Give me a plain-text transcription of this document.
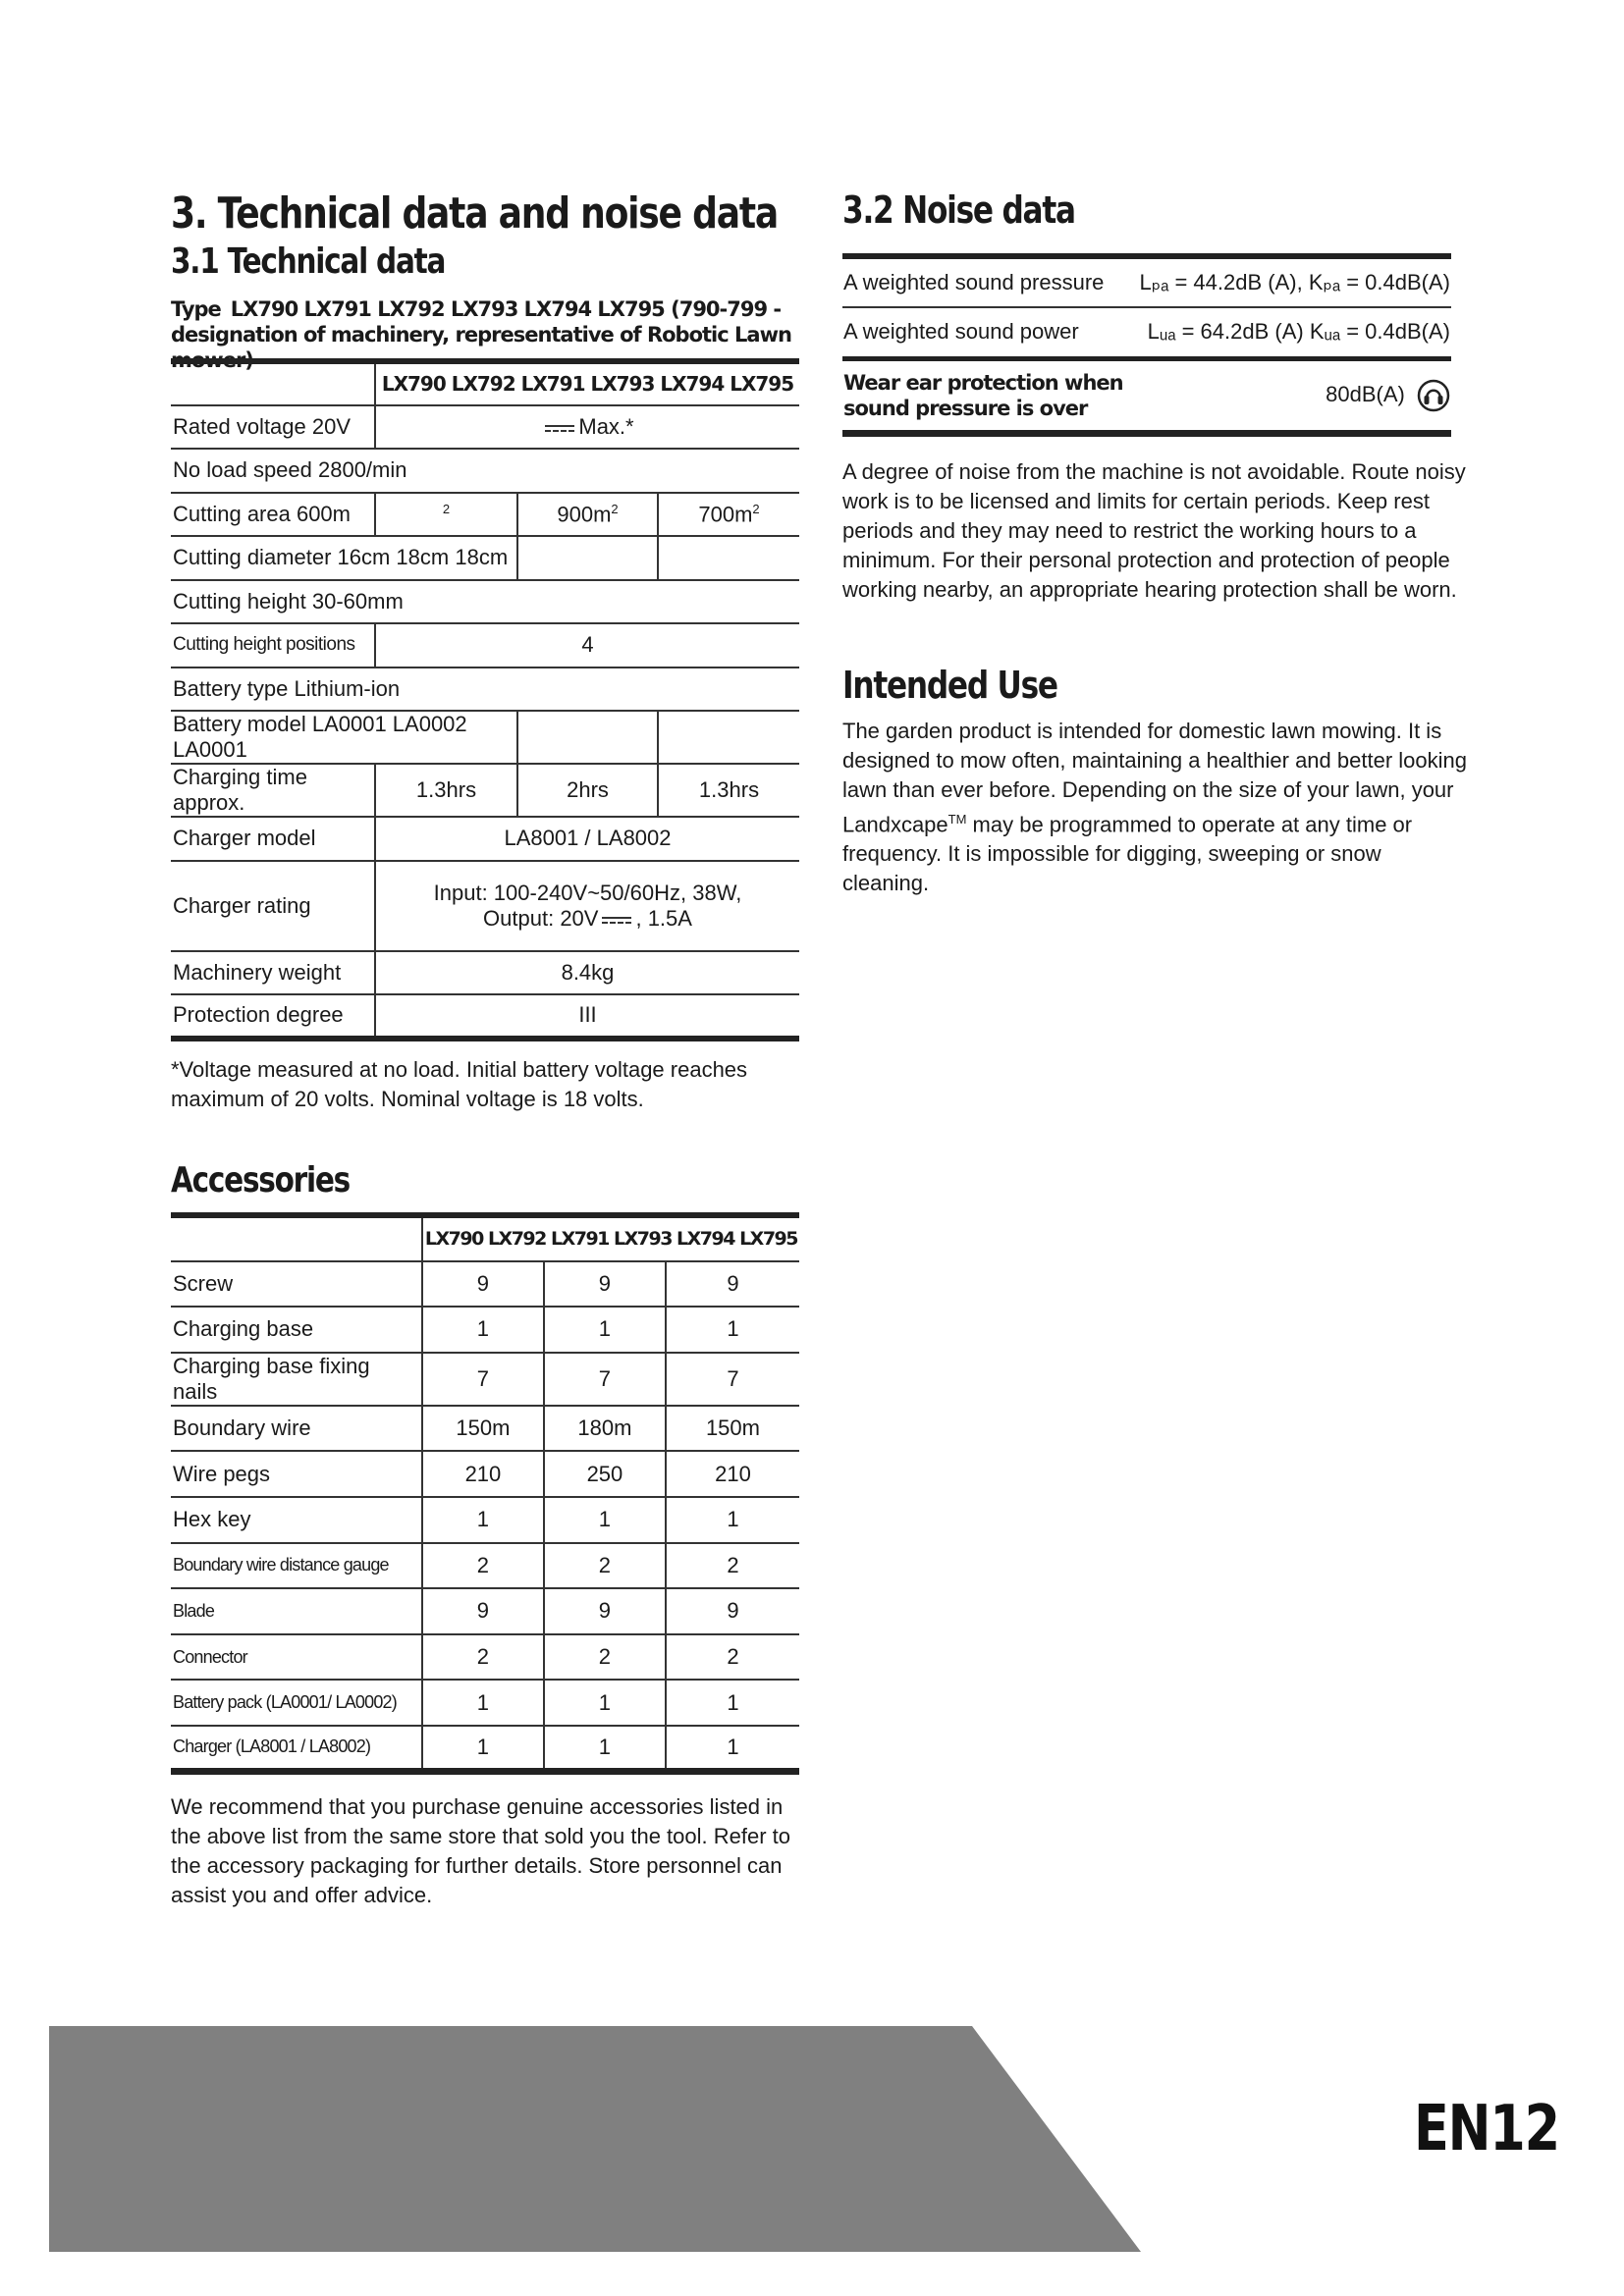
3. Technical data and noise data
3.1 Technical data
Type LX790 LX791 LX792 LX793 LX794 LX795 (790-799 - designation of machinery, representative of Robotic Lawn mower)
	LX790 LX792 LX791 LX793 LX794 LX795		
Rated voltage 20V	Max.*		
No load speed 2800/min			
Cutting area 600m	$^2$	$900m^2$	$700m^2$
Cutting diameter 16cm 18cm 18cm			
Cutting height 30-60mm			
Cutting height positions	4		
Battery type Lithium-ion			
Battery model LA0001 LA0002 LA0001			
Charging time approx.	1.3hrs	2hrs	1.3hrs
Charger model	LA8001 / LA8002		
Charger rating	Input: 100-240V~50/60Hz, 38W,
Output: 20V , 1.5A		

Machinery weight	8.4kg		
Protection degree	III		
*Voltage measured at no load. Initial battery voltage reaches maximum of 20 volts. Nominal voltage is 18 volts.
Accessories
	LX790 LX792 LX791 LX793 LX794 LX795		
Screw	9	9	9
Charging base	1	1	1
Charging base fixing nails	7	7	7
Boundary wire	150m	180m	150m
Wire pegs	210	250	210
Hex key	1	1	1
Boundary wire distance gauge	2	2	2
Blade	9	9	9
Connector	2	2	2
Battery pack (LA0001/ LA0002)	1	1	1
Charger (LA8001 / LA8002)	1	1	1
We recommend that you purchase genuine accessories listed in the above list from the same store that sold you the tool. Refer to the accessory packaging for further details. Store personnel can assist you and offer advice.
3.2 Noise data
A weighted sound pressure	Lₚₐ = 44.2dB (A), Kₚₐ = 0.4dB(A)
A weighted sound power	Lᵤₐ = 64.2dB (A) Kᵤₐ = 0.4dB(A)

Wear ear protection when
sound pressure is over	80dB(A)
A degree of noise from the machine is not avoidable. Route noisy work is to be licensed and limits for certain periods. Keep rest periods and they may need to restrict the working hours to a minimum. For their personal protection and protection of people working nearby, an appropriate hearing protection shall be worn.
Intended Use
The garden product is intended for domestic lawn mowing. It is designed to mow often, maintaining a healthier and better looking lawn than ever before. Depending on the size of your lawn, your Landxcape™ may be programmed to operate at any time or frequency. It is impossible for digging, sweeping or snow cleaning.
EN12
